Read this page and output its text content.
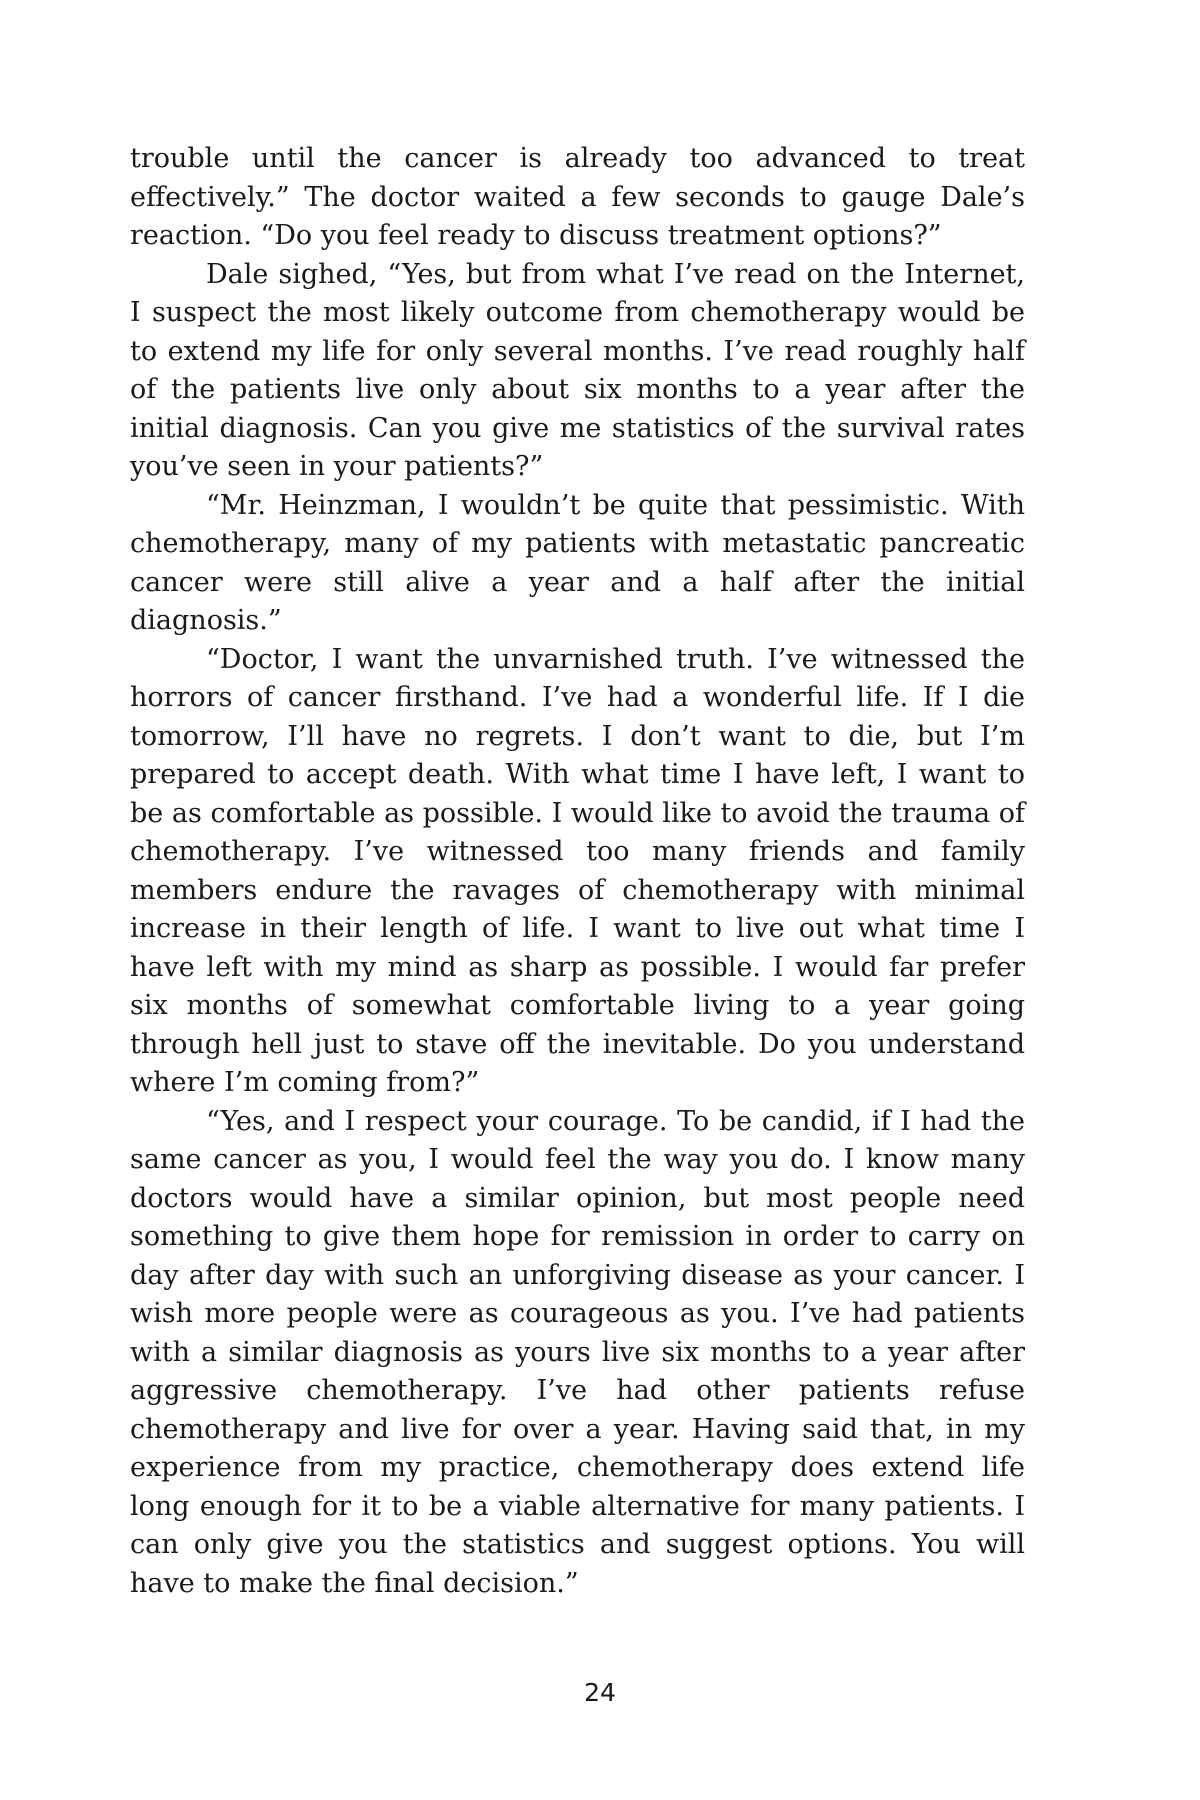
trouble until the cancer is already too advanced to treat effectively.” The doctor waited a few seconds to gauge Dale’s reaction. “Do you feel ready to discuss treatment options?”

Dale sighed, “Yes, but from what I’ve read on the Internet, I suspect the most likely outcome from chemotherapy would be to extend my life for only several months. I’ve read roughly half of the patients live only about six months to a year after the initial diagnosis. Can you give me statistics of the survival rates you’ve seen in your patients?”

“Mr. Heinzman, I wouldn’t be quite that pessimistic. With chemotherapy, many of my patients with metastatic pancreatic cancer were still alive a year and a half after the initial diagnosis.”

“Doctor, I want the unvarnished truth. I’ve witnessed the horrors of cancer firsthand. I’ve had a wonderful life. If I die tomorrow, I’ll have no regrets. I don’t want to die, but I’m prepared to accept death. With what time I have left, I want to be as comfortable as possible. I would like to avoid the trauma of chemotherapy. I’ve witnessed too many friends and family members endure the ravages of chemotherapy with minimal increase in their length of life. I want to live out what time I have left with my mind as sharp as possible. I would far prefer six months of somewhat comfortable living to a year going through hell just to stave off the inevitable. Do you understand where I’m coming from?”

“Yes, and I respect your courage. To be candid, if I had the same cancer as you, I would feel the way you do. I know many doctors would have a similar opinion, but most people need something to give them hope for remission in order to carry on day after day with such an unforgiving disease as your cancer. I wish more people were as courageous as you. I’ve had patients with a similar diagnosis as yours live six months to a year after aggressive chemotherapy. I’ve had other patients refuse chemotherapy and live for over a year. Having said that, in my experience from my practice, chemotherapy does extend life long enough for it to be a viable alternative for many patients. I can only give you the statistics and suggest options. You will have to make the final decision.”

24
